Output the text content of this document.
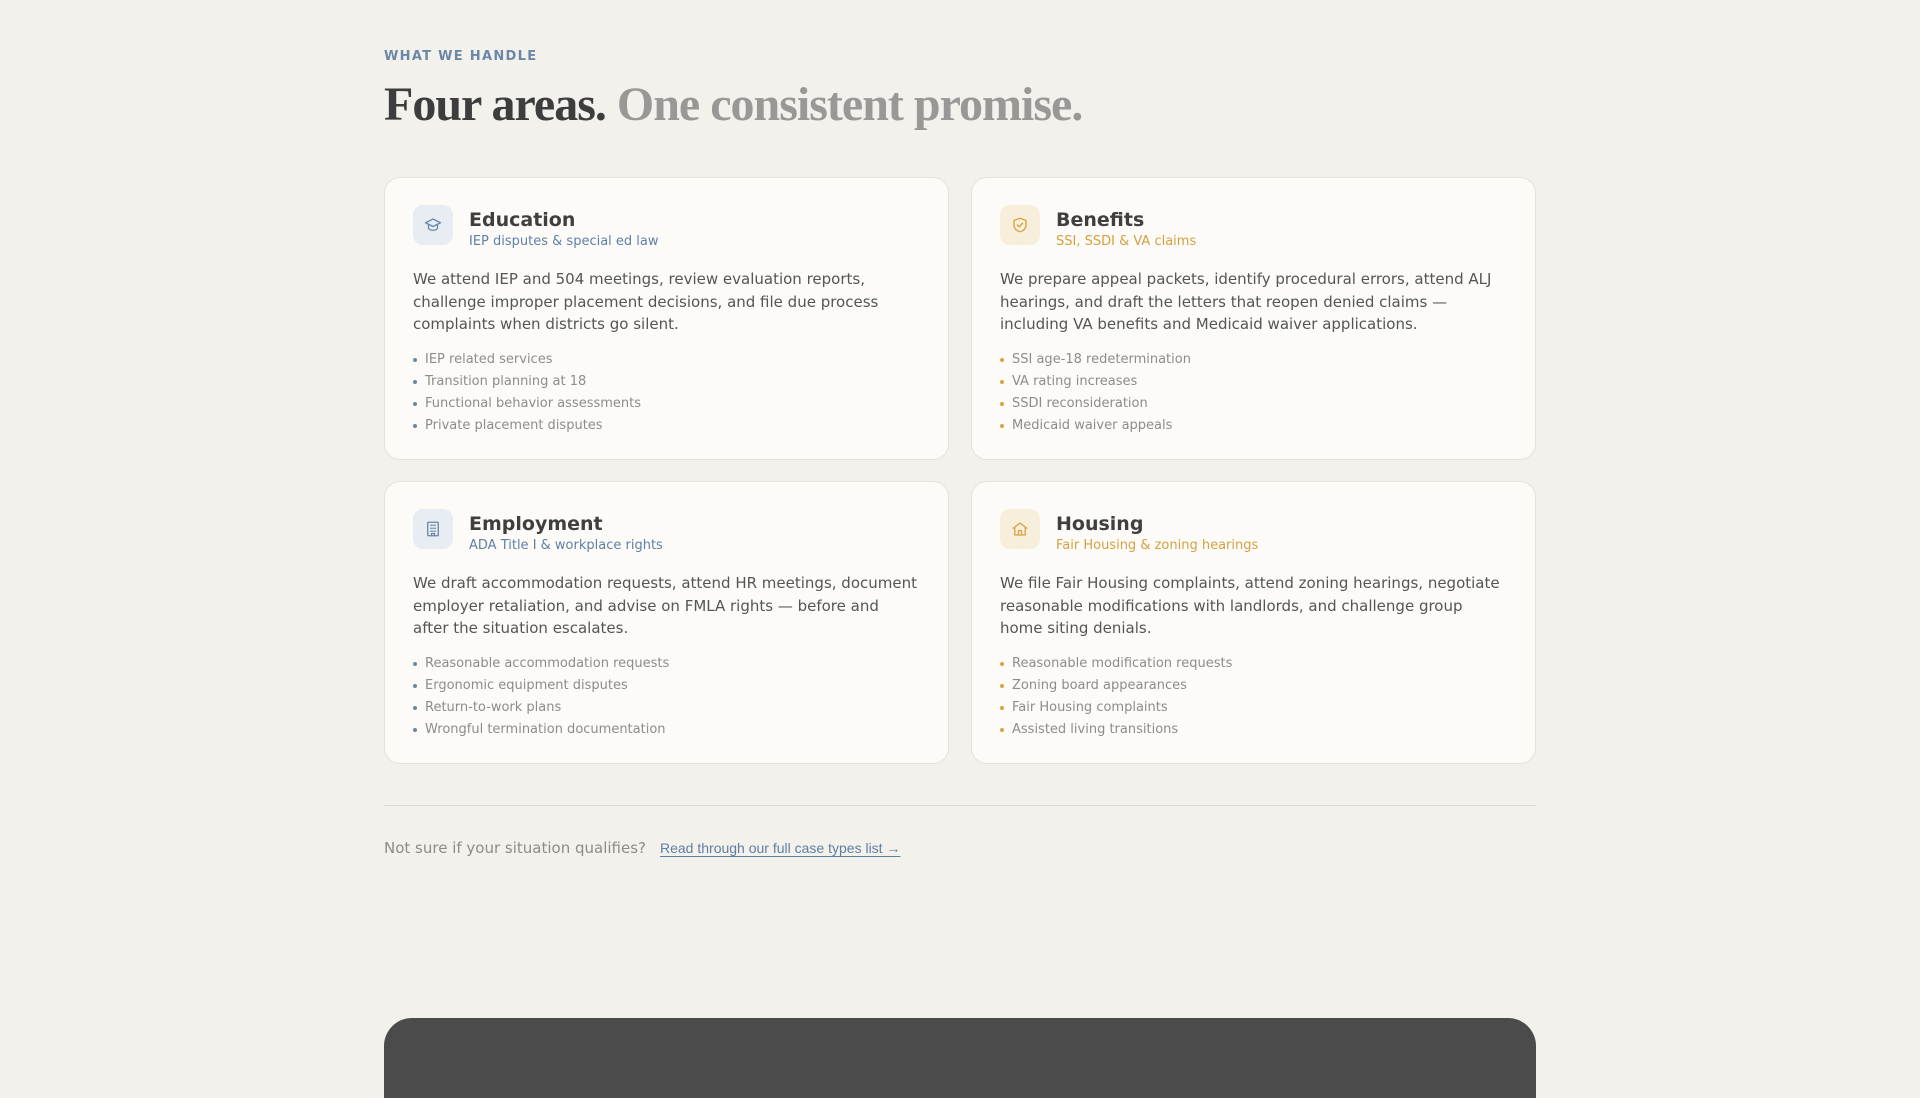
WHAT WE HANDLE
Four areas. One consistent promise.
Education
IEP disputes & special ed law

We attend IEP and 504 meetings, review evaluation reports, challenge improper placement decisions, and file due process complaints when districts go silent.

IEP related services
Transition planning at 18
Functional behavior assessments
Private placement disputes
Benefits
SSI, SSDI & VA claims

We prepare appeal packets, identify procedural errors, attend ALJ hearings, and draft the letters that reopen denied claims — including VA benefits and Medicaid waiver applications.

SSI age-18 redetermination
VA rating increases
SSDI reconsideration
Medicaid waiver appeals
Employment
ADA Title I & workplace rights

We draft accommodation requests, attend HR meetings, document employer retaliation, and advise on FMLA rights — before and after the situation escalates.

Reasonable accommodation requests
Ergonomic equipment disputes
Return-to-work plans
Wrongful termination documentation
Housing
Fair Housing & zoning hearings

We file Fair Housing complaints, attend zoning hearings, negotiate reasonable modifications with landlords, and challenge group home siting denials.

Reasonable modification requests
Zoning board appearances
Fair Housing complaints
Assisted living transitions
Not sure if your situation qualifies? Read through our full case types list →
